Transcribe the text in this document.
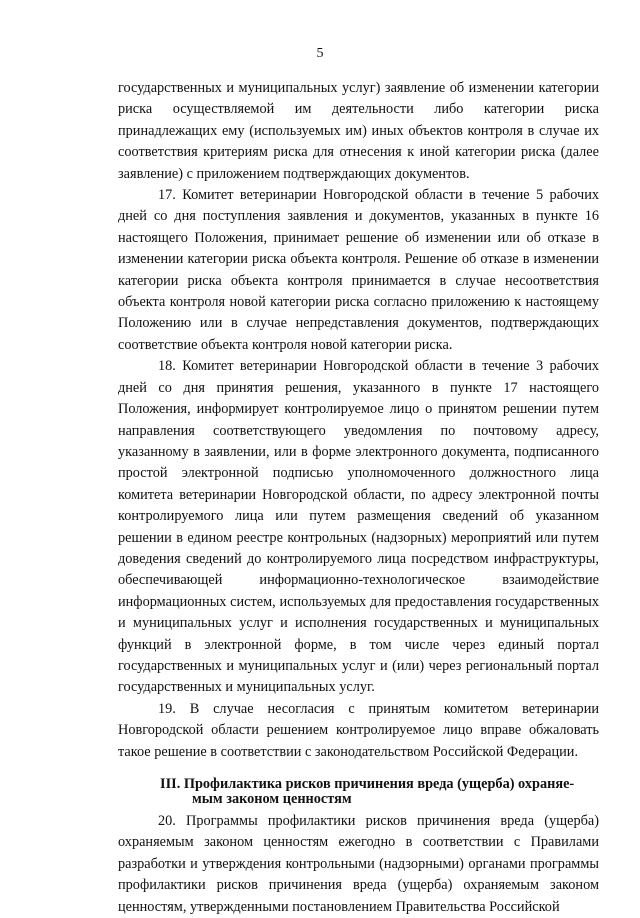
5

государственных и муниципальных услуг) заявление об изменении категории риска осуществляемой им деятельности либо категории риска принадлежащих ему (используемых им) иных объектов контроля в случае их соответствия критериям риска для отнесения к иной категории риска (далее заявление) с приложением подтверждающих документов.

17. Комитет ветеринарии Новгородской области в течение 5 рабочих дней со дня поступления заявления и документов, указанных в пункте 16 настоящего Положения, принимает решение об изменении или об отказе в изменении категории риска объекта контроля. Решение об отказе в изменении категории риска объекта контроля принимается в случае несоответствия объекта контроля новой категории риска согласно приложению к настоящему Положению или в случае непредставления документов, подтверждающих соответствие объекта контроля новой категории риска.

18. Комитет ветеринарии Новгородской области в течение 3 рабочих дней со дня принятия решения, указанного в пункте 17 настоящего Положения, информирует контролируемое лицо о принятом решении путем направления соответствующего уведомления по почтовому адресу, указанному в заявлении, или в форме электронного документа, подписанного простой электронной подписью уполномоченного должностного лица комитета ветеринарии Новгородской области, по адресу электронной почты контролируемого лица или путем размещения сведений об указанном решении в едином реестре контрольных (надзорных) мероприятий или путем доведения сведений до контролируемого лица посредством инфраструктуры, обеспечивающей информационно-технологическое взаимодействие информационных систем, используемых для предоставления государственных и муниципальных услуг и исполнения государственных и муниципальных функций в электронной форме, в том числе через единый портал государственных и муниципальных услуг и (или) через региональный портал государственных и муниципальных услуг.

19. В случае несогласия с принятым комитетом ветеринарии Новгородской области решением контролируемое лицо вправе обжаловать такое решение в соответствии с законодательством Российской Федерации.

III. Профилактика рисков причинения вреда (ущерба) охраняе-
мым законом ценностям

20. Программы профилактики рисков причинения вреда (ущерба) охраняемым законом ценностям ежегодно в соответствии с Правилами разработки и утверждения контрольными (надзорными) органами программы профилактики рисков причинения вреда (ущерба) охраняемым законом ценностям, утвержденными постановлением Правительства Российской
